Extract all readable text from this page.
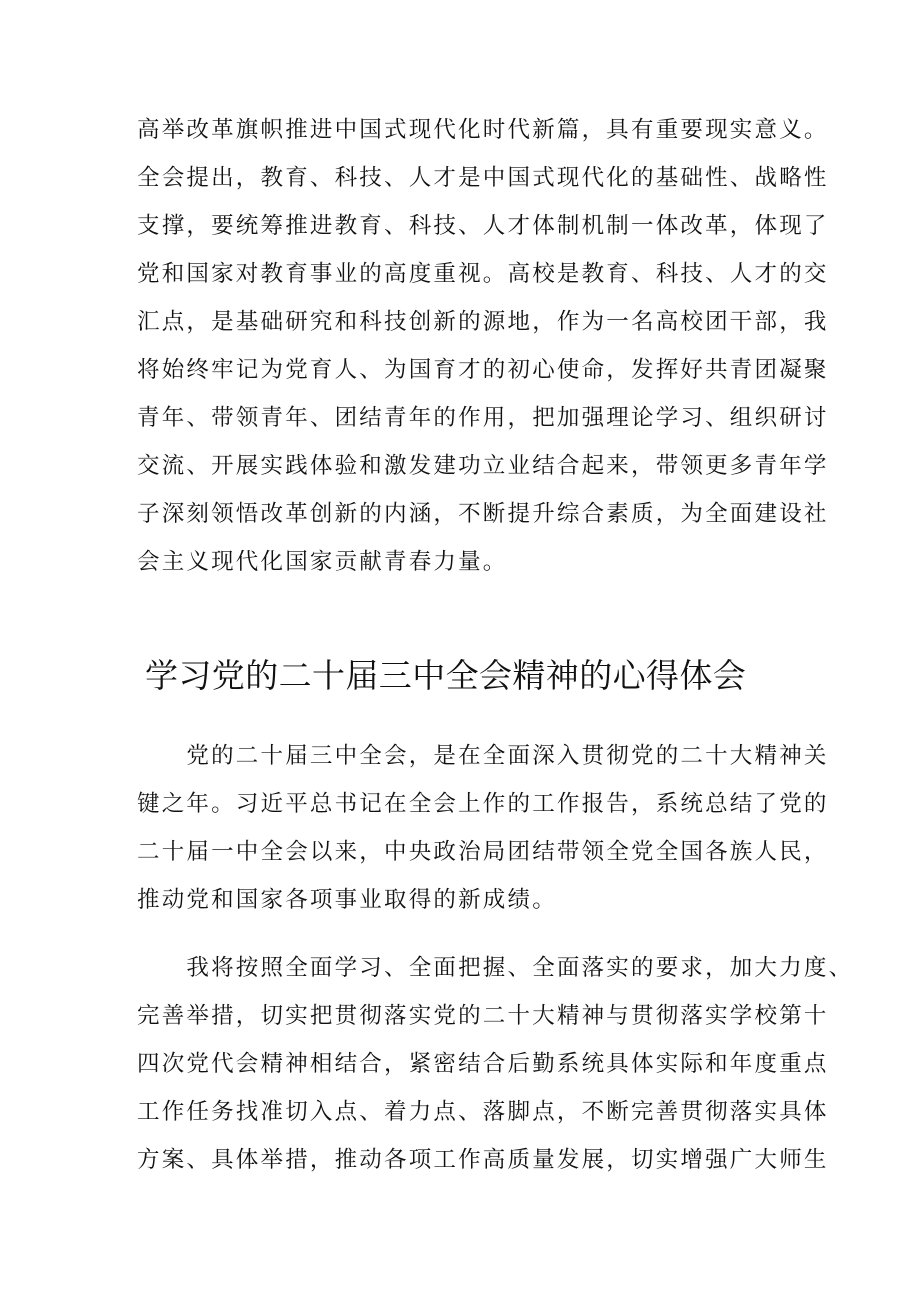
高举改革旗帜推进中国式现代化时代新篇，具有重要现实意义。
全会提出，教育、科技、人才是中国式现代化的基础性、战略性
支撑，要统筹推进教育、科技、人才体制机制一体改革，体现了
党和国家对教育事业的高度重视。高校是教育、科技、人才的交
汇点，是基础研究和科技创新的源地，作为一名高校团干部，我
将始终牢记为党育人、为国育才的初心使命，发挥好共青团凝聚
青年、带领青年、团结青年的作用，把加强理论学习、组织研讨
交流、开展实践体验和激发建功立业结合起来，带领更多青年学
子深刻领悟改革创新的内涵，不断提升综合素质，为全面建设社
会主义现代化国家贡献青春力量。
学习党的二十届三中全会精神的心得体会
　　党的二十届三中全会，是在全面深入贯彻党的二十大精神关
键之年。习近平总书记在全会上作的工作报告，系统总结了党的
二十届一中全会以来，中央政治局团结带领全党全国各族人民，
推动党和国家各项事业取得的新成绩。
　　我将按照全面学习、全面把握、全面落实的要求，加大力度、
完善举措，切实把贯彻落实党的二十大精神与贯彻落实学校第十
四次党代会精神相结合，紧密结合后勤系统具体实际和年度重点
工作任务找准切入点、着力点、落脚点，不断完善贯彻落实具体
方案、具体举措，推动各项工作高质量发展，切实增强广大师生
